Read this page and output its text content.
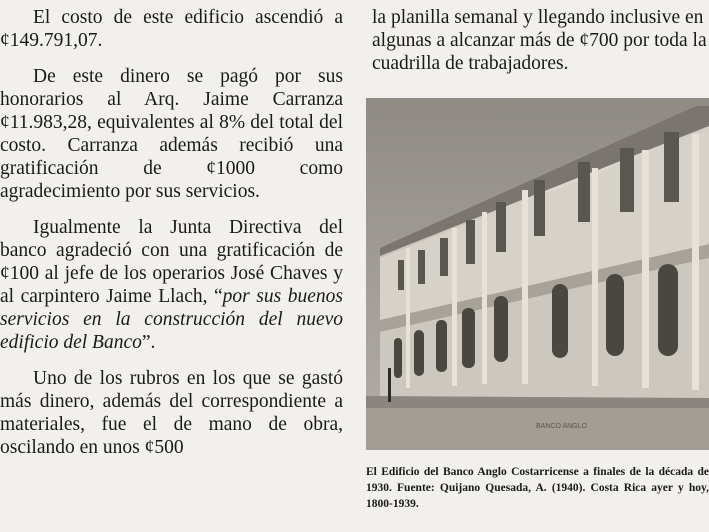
El costo de este edificio ascendió a ¢149.791,07.

De este dinero se pagó por sus honorarios al Arq. Jaime Carranza ¢11.983,28, equivalentes al 8% del total del costo. Carranza además recibió una gratificación de ¢1000 como agradecimiento por sus servicios.

Igualmente la Junta Directiva del banco agradeció con una gratificación de ¢100 al jefe de los operarios José Chaves y al carpintero Jaime Llach, “por sus buenos servicios en la construcción del nuevo edificio del Banco”.

Uno de los rubros en los que se gastó más dinero, además del correspondiente a materiales, fue el de mano de obra, oscilando en unos ¢500

la planilla semanal y llegando inclusive en algunas a alcanzar más de ¢700 por toda la cuadrilla de trabajadores.

BANCO ANGLO

El Edificio del Banco Anglo Costarricense a finales de la década de 1930. Fuente: Quijano Quesada, A. (1940). Costa Rica ayer y hoy, 1800-1939.
